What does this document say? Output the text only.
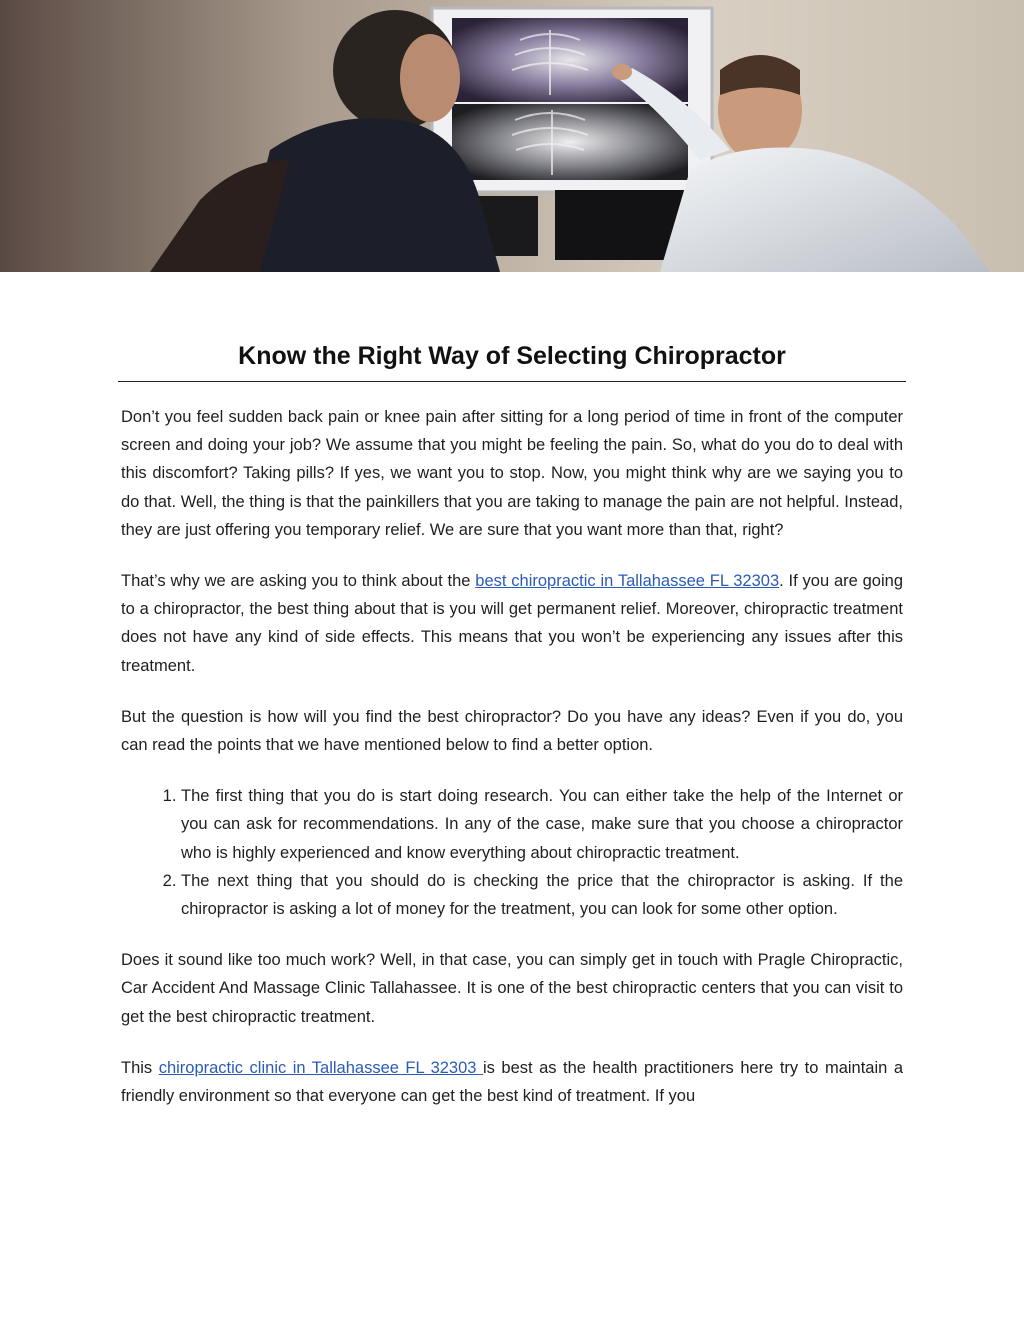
Know the Right Way of Selecting Chiropractor

Don’t you feel sudden back pain or knee pain after sitting for a long period of time in front of the computer screen and doing your job? We assume that you might be feeling the pain. So, what do you do to deal with this discomfort? Taking pills? If yes, we want you to stop. Now, you might think why are we saying you to do that. Well, the thing is that the painkillers that you are taking to manage the pain are not helpful. Instead, they are just offering you temporary relief. We are sure that you want more than that, right?

That’s why we are asking you to think about the best chiropractic in Tallahassee FL 32303. If you are going to a chiropractor, the best thing about that is you will get permanent relief. Moreover, chiropractic treatment does not have any kind of side effects. This means that you won’t be experiencing any issues after this treatment.

But the question is how will you find the best chiropractor? Do you have any ideas? Even if you do, you can read the points that we have mentioned below to find a better option.

1. The first thing that you do is start doing research. You can either take the help of the Internet or you can ask for recommendations. In any of the case, make sure that you choose a chiropractor who is highly experienced and know everything about chiropractic treatment.
2. The next thing that you should do is checking the price that the chiropractor is asking. If the chiropractor is asking a lot of money for the treatment, you can look for some other option.

Does it sound like too much work? Well, in that case, you can simply get in touch with Pragle Chiropractic, Car Accident And Massage Clinic Tallahassee. It is one of the best chiropractic centers that you can visit to get the best chiropractic treatment.

This chiropractic clinic in Tallahassee FL 32303 is best as the health practitioners here try to maintain a friendly environment so that everyone can get the best kind of treatment. If you
